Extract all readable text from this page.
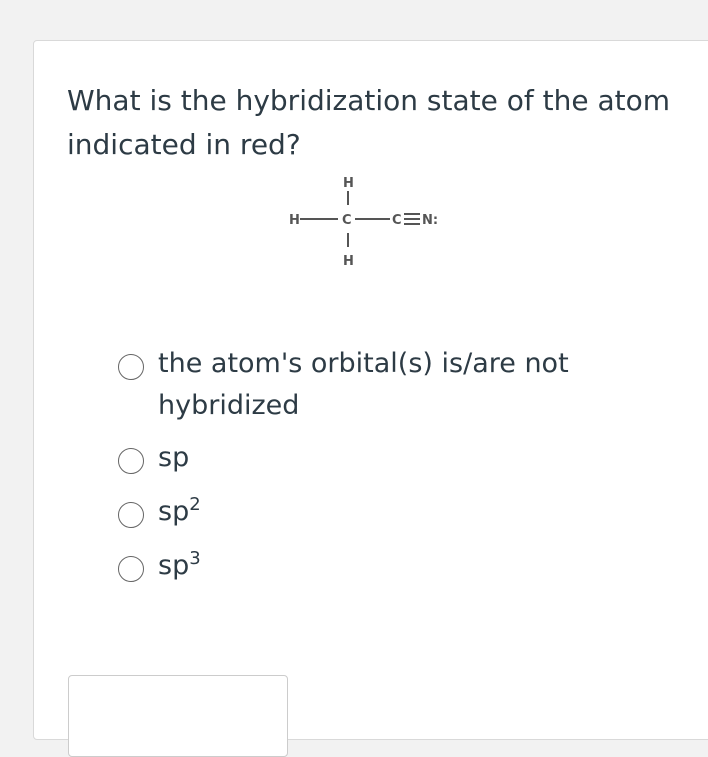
What is the hybridization state of the atom indicated in red?
H
H	C	C N:
H
the atom's orbital(s) is/are not hybridized
sp
$sp^2$
$sp^3$
